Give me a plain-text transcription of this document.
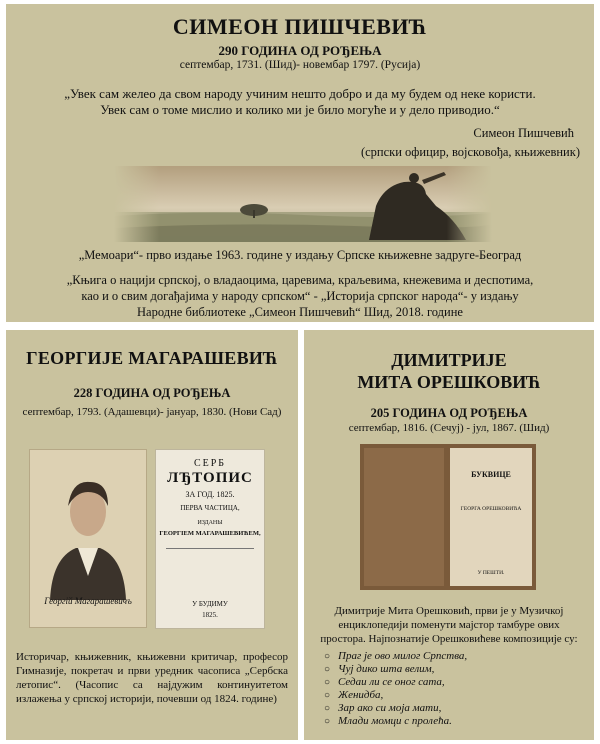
СИМЕОН ПИШЧЕВИЋ
290 ГОДИНА ОД РОЂЕЊА
септембар, 1731. (Шид)- новембар 1797. (Русија)
„Увек сам желео да свом народу учиним нешто добро и да му будем од неке користи.
Увек сам о томе мислио и колико ми је било могуће и у дело приводио.“
Симеон Пишчевић
(српски официр, војсковођа, књижевник)
„Мемоари“- прво издање 1963. године у издању Српске књижевне задруге-Београд
„Књига о нацији српској, о владаоцима, царевима, краљевима, кнежевима и деспотима,
као и о свим догађајима у народу српском“ - „Историја српског народа“- у издању
Народне библиотеке „Симеон Пишчевић“ Шид, 2018. године
ГЕОРГИЈЕ МАГАРАШЕВИЋ
228 ГОДИНА ОД РОЂЕЊА
септембар, 1793. (Адашевци)- јануар, 1830. (Нови Сад)
Георгiй Магарашевичъ
СЕРБ
ЛЂТОПИС
ЗА ГОД. 1825.
ПЕРВА ЧАСТИЦА,
ИЗДАНЫ
ГЕОРГIЕМ МАГАРАШЕВИЋЕМ,
У БУДИМУ
1825.
Историчар, књижевник, књижевни критичар, професор Гимназије, покретач и први уредник часописа „Сербска летопис“. (Часопис са најдужим континуитетом излажења у српској историји, почевши од 1824. године)
ДИМИТРИЈЕ
МИТА ОРЕШКОВИЋ
205 ГОДИНА ОД РОЂЕЊА
септембар, 1816. (Сечуј) - јул, 1867. (Шид)
БУКВИЦЕ
ГЕОРГА ОРЕШКОВИЋА
У ПЕШТИ.
Димитрије Мита Орешковић, први је у Музичкој енциклопедији поменути мајстор тамбуре ових простора. Најпознатије Орешковићеве композиције су:
○ Праг је ово милог Српства,
○ Чуј дико шта велим,
○ Седаи ли се оног сата,
○ Женидба,
○ Зар ако си моја мати,
○ Млади момци с пролећа.
